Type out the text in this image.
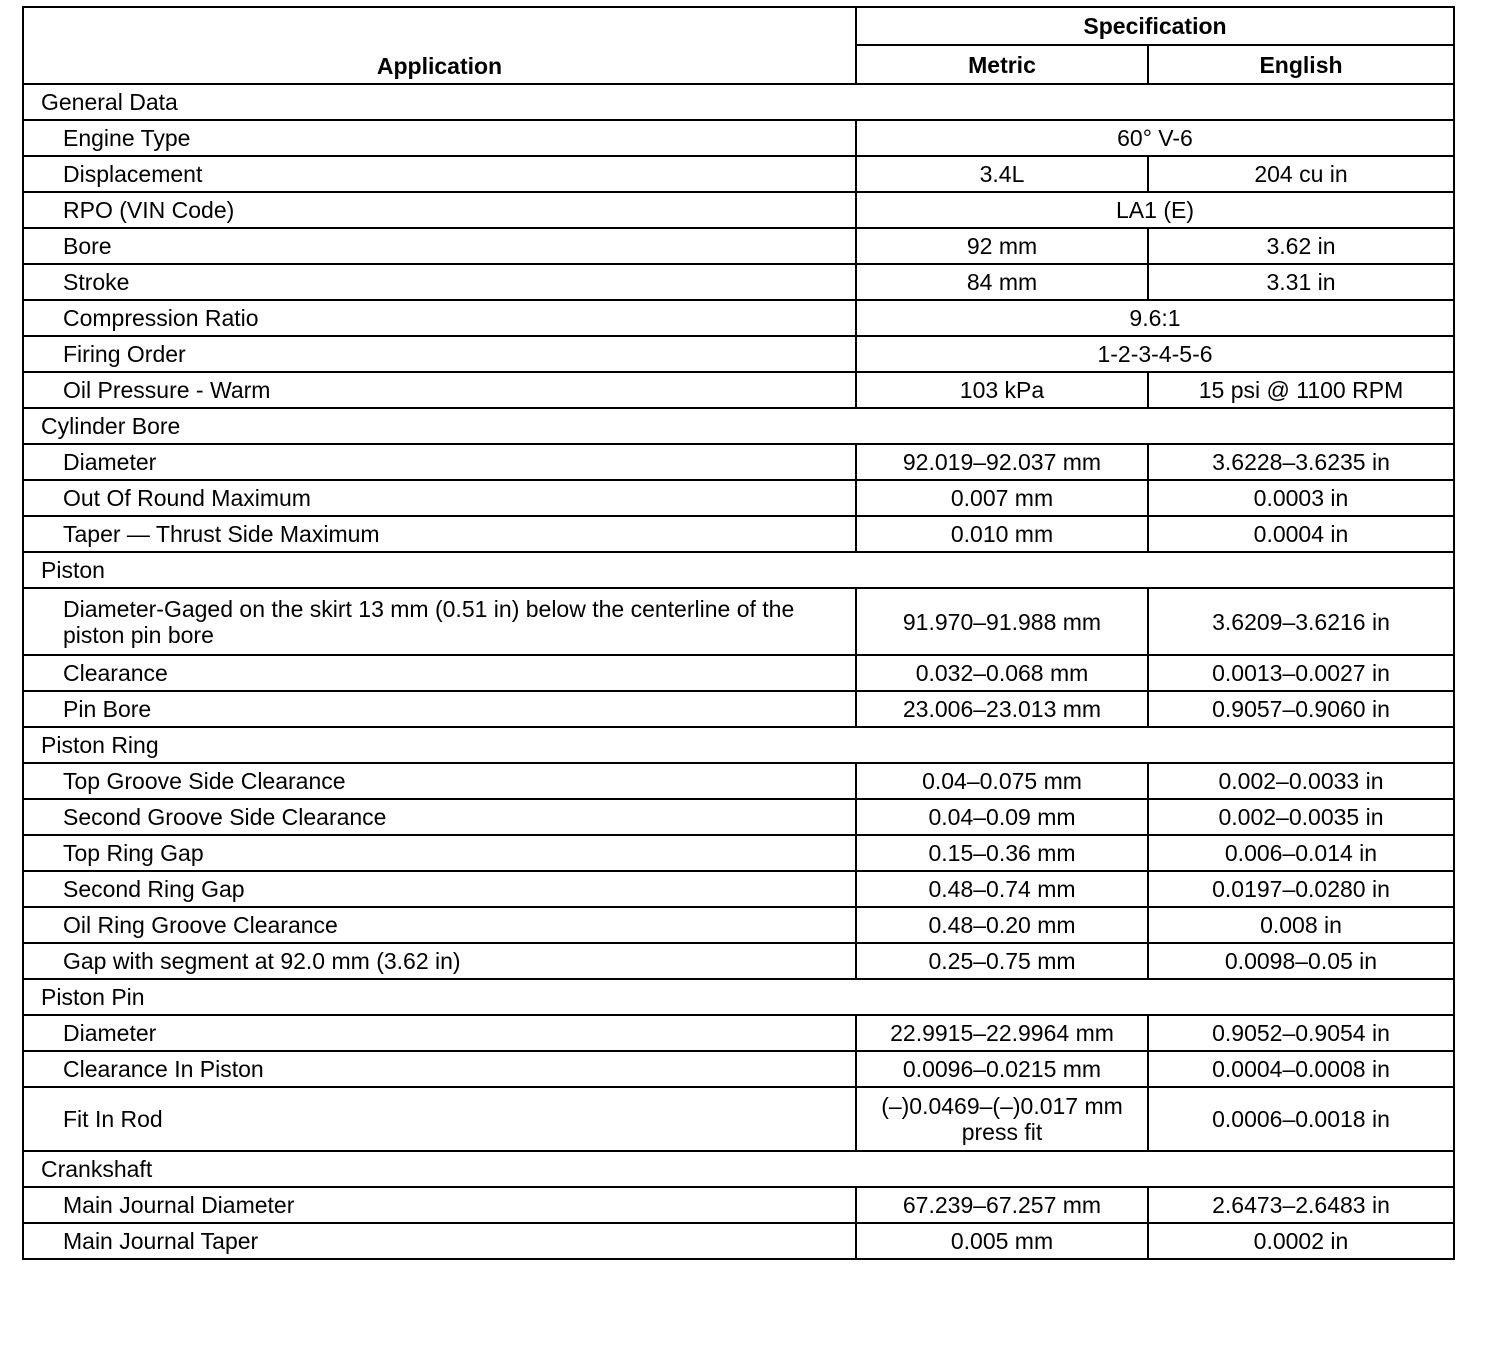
Application	Specification	
	Metric	English
General Data		
Engine Type	60° V-6	
Displacement	3.4L	204 cu in
RPO (VIN Code)	LA1 (E)	
Bore	92 mm	3.62 in
Stroke	84 mm	3.31 in
Compression Ratio	9.6:1	
Firing Order	1-2-3-4-5-6	
Oil Pressure - Warm	103 kPa	15 psi @ 1100 RPM
Cylinder Bore		
Diameter	92.019–92.037 mm	3.6228–3.6235 in
Out Of Round Maximum	0.007 mm	0.0003 in
Taper — Thrust Side Maximum	0.010 mm	0.0004 in
Piston		
Diameter-Gaged on the skirt 13 mm (0.51 in) below the centerline of the piston pin bore	91.970–91.988 mm	3.6209–3.6216 in
Clearance	0.032–0.068 mm	0.0013–0.0027 in
Pin Bore	23.006–23.013 mm	0.9057–0.9060 in
Piston Ring		
Top Groove Side Clearance	0.04–0.075 mm	0.002–0.0033 in
Second Groove Side Clearance	0.04–0.09 mm	0.002–0.0035 in
Top Ring Gap	0.15–0.36 mm	0.006–0.014 in
Second Ring Gap	0.48–0.74 mm	0.0197–0.0280 in
Oil Ring Groove Clearance	0.48–0.20 mm	0.008 in
Gap with segment at 92.0 mm (3.62 in)	0.25–0.75 mm	0.0098–0.05 in
Piston Pin		
Diameter	22.9915–22.9964 mm	0.9052–0.9054 in
Clearance In Piston	0.0096–0.0215 mm	0.0004–0.0008 in
Fit In Rod	(–)0.0469–(–)0.017 mm press fit	0.0006–0.0018 in
Crankshaft		
Main Journal Diameter	67.239–67.257 mm	2.6473–2.6483 in
Main Journal Taper	0.005 mm	0.0002 in
